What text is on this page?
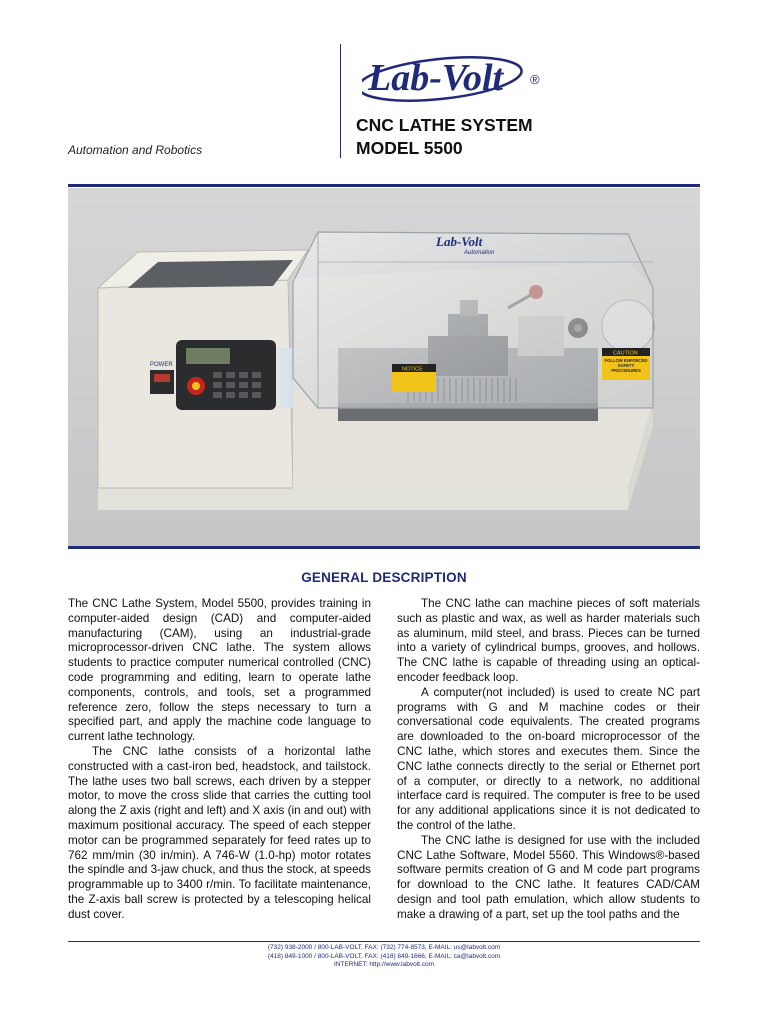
Lab-Volt ®
Automation and Robotics
CNC LATHE SYSTEM
MODEL 5500
POWER
Lab-Volt
Automation
NOTICE
CAUTION
FOLLOW ENFORCED SAFETY PROCEDURES
GENERAL DESCRIPTION

The CNC Lathe System, Model 5500, provides training in computer-aided design (CAD) and computer-aided manufacturing (CAM), using an industrial-grade microprocessor-driven CNC lathe. The system allows students to practice computer numerical controlled (CNC) code programming and editing, learn to operate lathe components, controls, and tools, set a programmed reference zero, follow the steps necessary to turn a specified part, and apply the machine code language to current lathe technology.

The CNC lathe consists of a horizontal lathe constructed with a cast-iron bed, headstock, and tailstock. The lathe uses two ball screws, each driven by a stepper motor, to move the cross slide that carries the cutting tool along the Z axis (right and left) and X axis (in and out) with maximum positional accuracy. The speed of each stepper motor can be programmed separately for feed rates up to 762 mm/min (30 in/min). A 746-W (1.0-hp) motor rotates the spindle and 3-jaw chuck, and thus the stock, at speeds programmable up to 3400 r/min. To facilitate maintenance, the Z-axis ball screw is protected by a telescoping helical dust cover.

The CNC lathe can machine pieces of soft materials such as plastic and wax, as well as harder materials such as aluminum, mild steel, and brass. Pieces can be turned into a variety of cylindrical bumps, grooves, and hollows. The CNC lathe is capable of threading using an optical-encoder feedback loop.

A computer(not included) is used to create NC part programs with G and M machine codes or their conversational code equivalents. The created programs are downloaded to the on-board microprocessor of the CNC lathe, which stores and executes them. Since the CNC lathe connects directly to the serial or Ethernet port of a computer, or directly to a network, no additional interface card is required. The computer is free to be used for any additional applications since it is not dedicated to the control of the lathe.

The CNC lathe is designed for use with the included CNC Lathe Software, Model 5560. This Windows®-based software permits creation of G and M code part programs for download to the CNC lathe. It features CAD/CAM design and tool path emulation, which allow students to make a drawing of a part, set up the tool paths and the

(732) 938-2000 / 800-LAB-VOLT, FAX: (732) 774-8573, E-MAIL: us@labvolt.com
(418) 849-1000 / 800-LAB-VOLT, FAX: (418) 849-1666, E-MAIL: ca@labvolt.com
INTERNET: http://www.labvolt.com
